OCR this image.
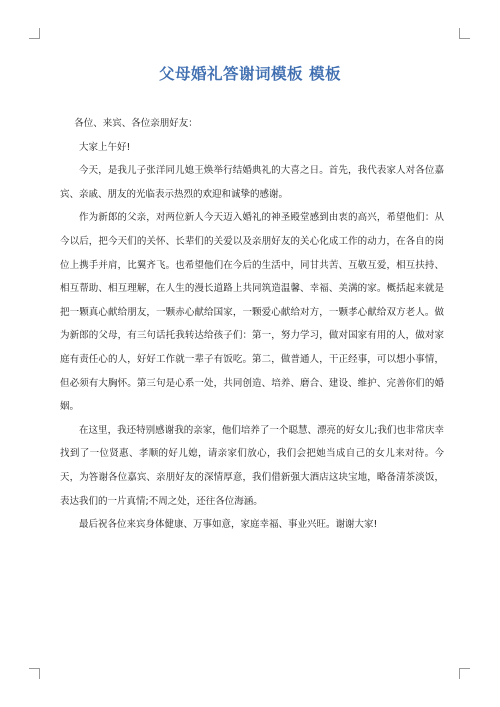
父母婚礼答谢词模板 模板

各位、来宾、各位亲朋好友：

大家上午好!

今天，是我儿子张洋同儿媳王焕举行结婚典礼的大喜之日。首先，我代表家人对各位嘉宾、亲戚、朋友的光临表示热烈的欢迎和诚挚的感谢。

作为新郎的父亲，对两位新人今天迈入婚礼的神圣殿堂感到由衷的高兴，希望他们：从今以后，把今天们的关怀、长辈们的关爱以及亲朋好友的关心化成工作的动力，在各自的岗位上携手并肩，比翼齐飞。也希望他们在今后的生活中，同甘共苦、互敬互爱，相互扶持、相互帮助、相互理解，在人生的漫长道路上共同筑造温馨、幸福、美满的家。概括起来就是把一颗真心献给朋友，一颗赤心献给国家，一颗爱心献给对方，一颗孝心献给双方老人。做为新郎的父母，有三句话托我转达给孩子们：第一，努力学习，做对国家有用的人，做对家庭有责任心的人，好好工作就一辈子有饭吃。第二，做普通人，干正经事，可以想小事情，但必须有大胸怀。第三句是心系一处，共同创造、培养、磨合、建设、维护、完善你们的婚姻。

在这里，我还特别感谢我的亲家，他们培养了一个聪慧、漂亮的好女儿;我们也非常庆幸找到了一位贤惠、孝顺的好儿媳，请亲家们放心，我们会把她当成自己的女儿来对待。今天，为答谢各位嘉宾、亲朋好友的深情厚意，我们借新强大酒店这块宝地，略备清茶淡饭，表达我们的一片真情;不周之处，还往各位海涵。

最后祝各位来宾身体健康、万事如意，家庭幸福、事业兴旺。谢谢大家!
